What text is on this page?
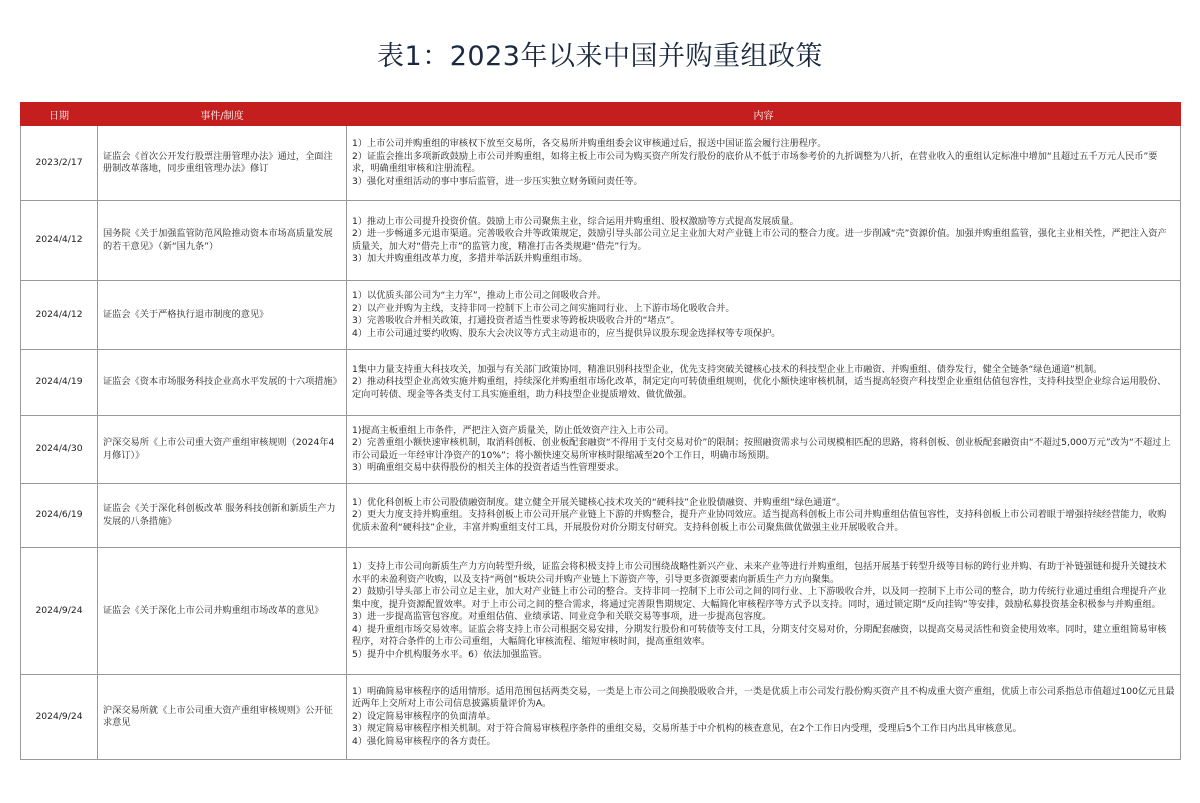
表1：2023年以来中国并购重组政策
日期	事件/制度	内容
2023/2/17	证监会《首次公开发行股票注册管理办法》通过，全面注册制改革落地，同步重组管理办法》修订	1）上市公司并购重组的审核权下放至交易所，各交易所并购重组委会议审核通过后，报送中国证监会履行注册程序。
2）证监会推出多项新政鼓励上市公司并购重组，如将主板上市公司为购买资产所发行股份的底价从不低于市场参考价的九折调整为八折，在营业收入的重组认定标准中增加“且超过五千万元人民币”要求，明确重组审核和注册流程。
3）强化对重组活动的事中事后监管，进一步压实独立财务顾问责任等。

2024/4/12	国务院《关于加强监管防范风险推动资本市场高质量发展的若干意见》（新“国九条”）	1）推动上市公司提升投资价值。鼓励上市公司聚焦主业，综合运用并购重组、股权激励等方式提高发展质量。
2）进一步畅通多元退市渠道。完善吸收合并等政策规定，鼓励引导头部公司立足主业加大对产业链上市公司的整合力度。进一步削减“壳”资源价值。加强并购重组监管，强化主业相关性，严把注入资产质量关，加大对“借壳上市”的监管力度，精准打击各类规避“借壳”行为。
3）加大并购重组改革力度，多措并举活跃并购重组市场。

2024/4/12	证监会《关于严格执行退市制度的意见》	1）以优质头部公司为“主力军”，推动上市公司之间吸收合并。
2）以产业并购为主线，支持非同一控制下上市公司之间实施同行业、上下游市场化吸收合并。
3）完善吸收合并相关政策，打通投资者适当性要求等跨板块吸收合并的“堵点”。
4）上市公司通过要约收购、股东大会决议等方式主动退市的，应当提供异议股东现金选择权等专项保护。

2024/4/19	证监会《资本市场服务科技企业高水平发展的十六项措施》	1集中力量支持重大科技攻关，加强与有关部门政策协同，精准识别科技型企业，优先支持突破关键核心技术的科技型企业上市融资、并购重组、债券发行，健全全链条“绿色通道”机制。
2）推动科技型企业高效实施并购重组，持续深化并购重组市场化改革，制定定向可转债重组规则，优化小额快速审核机制，适当提高轻资产科技型企业重组估值包容性，支持科技型企业综合运用股份、定向可转债、现金等各类支付工具实施重组，助力科技型企业提质增效、做优做强。

2024/4/30	沪深交易所《上市公司重大资产重组审核规则（2024年4月修订）》	1)提高主板重组上市条件，严把注入资产质量关，防止低效资产注入上市公司。
2）完善重组小额快速审核机制，取消科创板、创业板配套融资“不得用于支付交易对价”的限制；按照融资需求与公司规模相匹配的思路，将科创板、创业板配套融资由“不超过5,000万元”改为“不超过上市公司最近一年经审计净资产的10%”；将小额快速交易所审核时限缩减至20个工作日，明确市场预期。
3）明确重组交易中获得股份的相关主体的投资者适当性管理要求。

2024/6/19	证监会《关于深化科创板改革 服务科技创新和新质生产力发展的八条措施》	1）优化科创板上市公司股债融资制度。建立健全开展关键核心技术攻关的“硬科技”企业股债融资、并购重组“绿色通道”。
2）更大力度支持并购重组。支持科创板上市公司开展产业链上下游的并购整合，提升产业协同效应。适当提高科创板上市公司并购重组估值包容性，支持科创板上市公司着眼于增强持续经营能力，收购优质未盈利“硬科技”企业，丰富并购重组支付工具，开展股份对价分期支付研究。支持科创板上市公司聚焦做优做强主业开展吸收合并。

2024/9/24	证监会《关于深化上市公司并购重组市场改革的意见》	1）支持上市公司向新质生产力方向转型升级，证监会将积极支持上市公司围绕战略性新兴产业、未来产业等进行并购重组，包括开展基于转型升级等目标的跨行业并购、有助于补链强链和提升关键技术水平的未盈利资产收购，以及支持“两创”板块公司并购产业链上下游资产等，引导更多资源要素向新质生产力方向聚集。
2）鼓励引导头部上市公司立足主业，加大对产业链上市公司的整合。支持非同一控制下上市公司之间的同行业、上下游吸收合并，以及同一控制下上市公司的整合，助力传统行业通过重组合理提升产业集中度，提升资源配置效率。对于上市公司之间的整合需求，将通过完善限售期规定、大幅简化审核程序等方式予以支持。同时，通过锁定期“反向挂钩”等安排，鼓励私募投资基金积极参与并购重组。
3）进一步提高监管包容度。对重组估值、业绩承诺、同业竞争和关联交易等事项，进一步提高包容度。
4）提升重组市场交易效率。证监会将支持上市公司根据交易安排，分期发行股份和可转债等支付工具，分期支付交易对价，分期配套融资，以提高交易灵活性和资金使用效率。同时，建立重组简易审核程序，对符合条件的上市公司重组，大幅简化审核流程、缩短审核时间，提高重组效率。
5）提升中介机构服务水平。6）依法加强监管。

2024/9/24	沪深交易所就《上市公司重大资产重组审核规则》公开征求意见	1）明确简易审核程序的适用情形。适用范围包括两类交易，一类是上市公司之间换股吸收合并，一类是优质上市公司发行股份购买资产且不构成重大资产重组，优质上市公司系指总市值超过100亿元且最近两年上交所对上市公司信息披露质量评价为A。
2）设定简易审核程序的负面清单。
3）规定简易审核程序相关机制。对于符合简易审核程序条件的重组交易，交易所基于中介机构的核查意见，在2个工作日内受理，受理后5个工作日内出具审核意见。
4）强化简易审核程序的各方责任。
